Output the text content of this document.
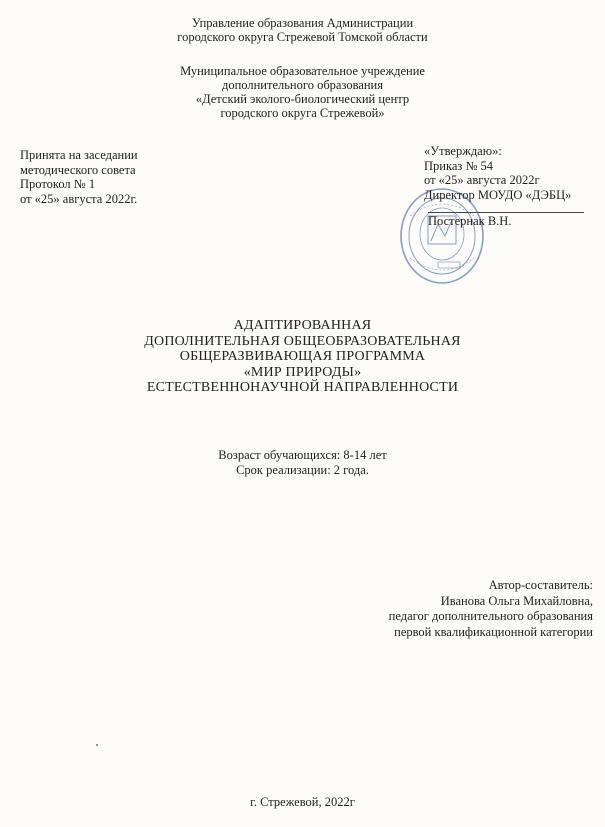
Управление образования Администрации
городского округа Стрежевой Томской области
Муниципальное образовательное учреждение
дополнительного образования
«Детский эколого-биологический центр
городского округа Стрежевой»
Принята на заседании
методического совета
Протокол № 1
от «25» августа 2022г.
«Утверждаю»:
Приказ № 54
от «25» августа 2022г
Директор МОУДО «ДЭБЦ»
Постернак В.Н.
АДАПТИРОВАННАЯ
ДОПОЛНИТЕЛЬНАЯ ОБЩЕОБРАЗОВАТЕЛЬНАЯ
ОБЩЕРАЗВИВАЮЩАЯ ПРОГРАММА
«МИР ПРИРОДЫ»
ЕСТЕСТВЕННОНАУЧНОЙ НАПРАВЛЕННОСТИ
Возраст обучающихся: 8-14 лет
Срок реализации: 2 года.
Автор-составитель:
Иванова Ольга Михайловна,
педагог дополнительного образования
первой квалификационной категории
г. Стрежевой, 2022г
